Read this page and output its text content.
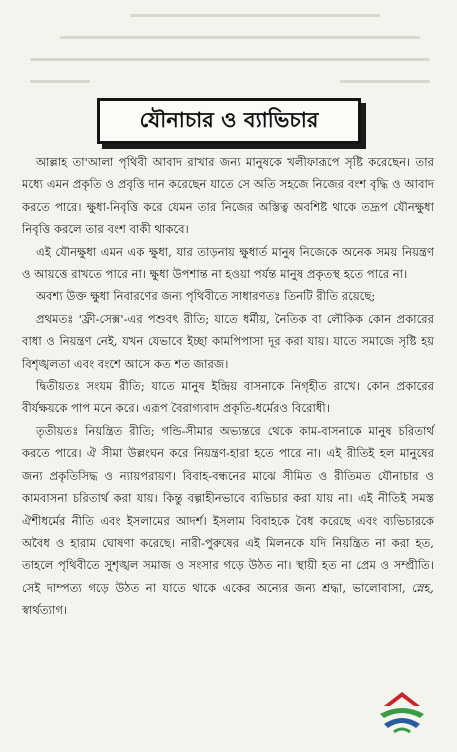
যৌনাচার ও ব্যাভিচার

আল্লাহ তা'আলা পৃথিবী আবাদ রাখার জন্য মানুষকে খলীফারূপে সৃষ্টি করেছেন। তার মধ্যে এমন প্রকৃতি ও প্রবৃত্তি দান করেছেন যাতে সে অতি সহজে নিজের বংশ বৃদ্ধি ও আবাদ করতে পারে। ক্ষুধা-নিবৃত্তি করে যেমন তার নিজের অস্তিত্ব অবশিষ্ট থাকে তদ্রূপ যৌনক্ষুধা নিবৃত্তি করলে তার বংশ বাকী থাকবে।

এই যৌনক্ষুধা এমন এক ক্ষুধা, যার তাড়নায় ক্ষুধার্ত মানুষ নিজেকে অনেক সময় নিয়ন্ত্রণ ও আয়ত্তে রাখতে পারে না। ক্ষুধা উপশান্ত না হওয়া পর্যন্ত মানুষ প্রকৃতস্থ হতে পারে না।

অবশ্য উক্ত ক্ষুধা নিবারণের জন্য পৃথিবীতে সাধারণতঃ তিনটি রীতি রয়েছে;

প্রথমতঃ 'ফ্রী-সেক্স'-এর পশুবৎ রীতি; যাতে ধর্মীয়, নৈতিক বা লৌকিক কোন প্রকারের বাধা ও নিয়ন্ত্রণ নেই, যখন যেভাবে ইচ্ছা কামপিপাসা দূর করা যায়। যাতে সমাজে সৃষ্টি হয় বিশৃঙ্খলতা এবং বংশে আসে কত শত জারজ।

দ্বিতীয়তঃ সংযম রীতি; যাতে মানুষ ইন্দ্রিয় বাসনাকে নিগৃহীত রাখে। কোন প্রকারের বীর্যক্ষয়কে পাপ মনে করে। এরূপ বৈরাগ্যবাদ প্রকৃতি-ধর্মেরও বিরোধী।

তৃতীয়তঃ নিয়ন্ত্রিত রীতি; গন্ডি-সীমার অভ্যন্তরে থেকে কাম-বাসনাকে মানুষ চরিতার্থ করতে পারে। ঐ সীমা উল্লংঘন করে নিয়ন্ত্রণ-হারা হতে পারে না। এই রীতিই হল মানুষের জন্য প্রকৃতিসিদ্ধ ও ন্যায়পরায়ণ। বিবাহ-বন্ধনের মাঝে সীমিত ও রীতিমত যৌনাচার ও কামবাসনা চরিতার্থ করা যায়। কিন্তু বল্গাহীনভাবে ব্যভিচার করা যায় না। এই নীতিই সমস্ত ঐশীধর্মের নীতি এবং ইসলামের আদর্শ। ইসলাম বিবাহকে বৈধ করেছে এবং ব্যভিচারকে অবৈধ ও হারাম ঘোষণা করেছে। নারী-পুরুষের এই মিলনকে যদি নিয়ন্ত্রিত না করা হত, তাহলে পৃথিবীতে সুশৃঙ্খল সমাজ ও সংসার গড়ে উঠত না। স্থায়ী হত না প্রেম ও সম্প্রীতি। সেই দাম্পত্য গড়ে উঠত না যাতে থাকে একের অন্যের জন্য শ্রদ্ধা, ভালোবাসা, স্নেহ, স্বার্থত্যাগ।
